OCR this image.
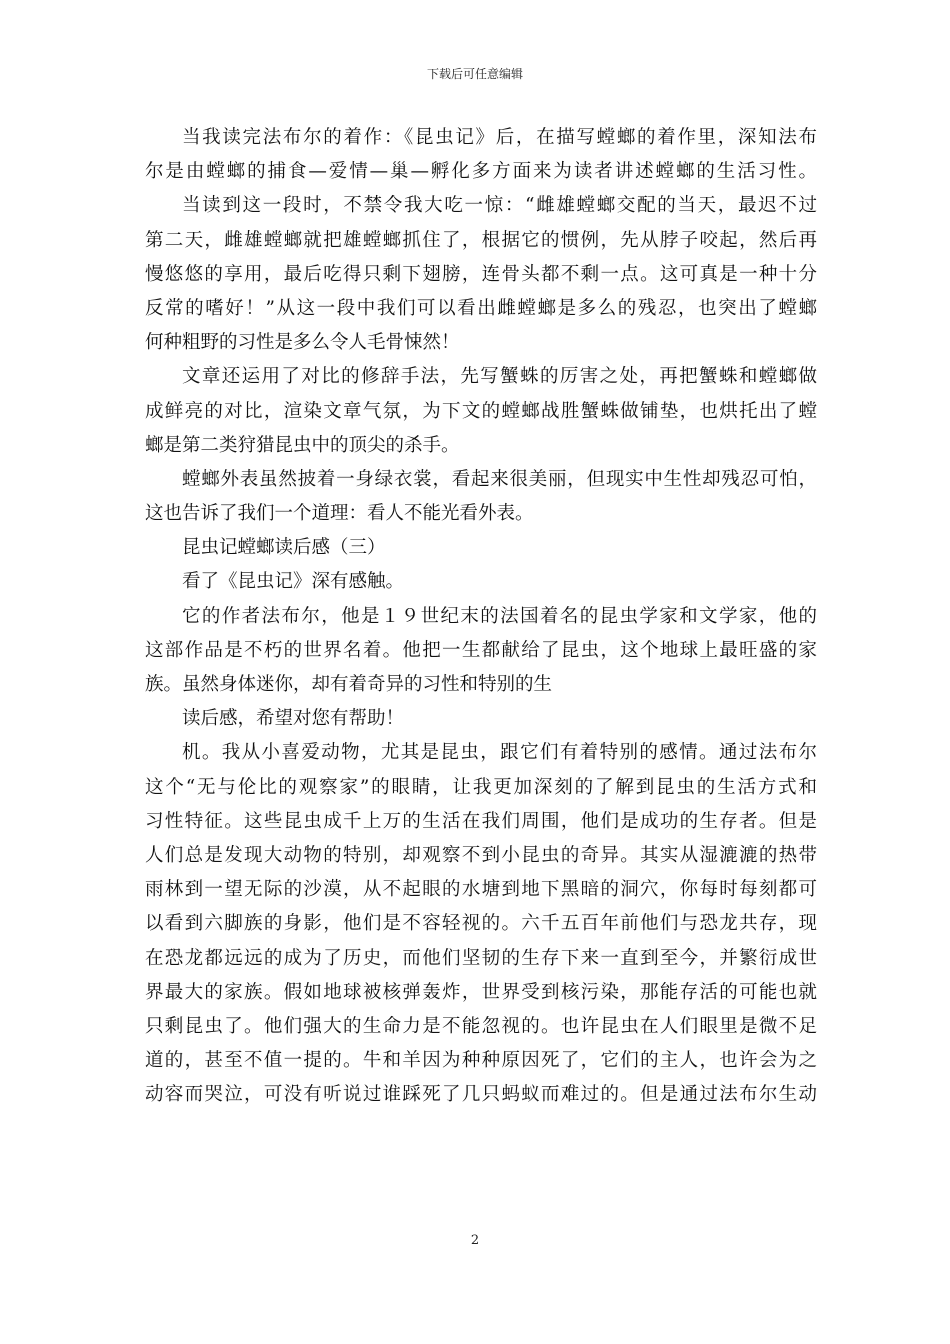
下载后可任意编辑
当我读完法布尔的着作：《昆虫记》后，在描写螳螂的着作里，深知法布
尔是由螳螂的捕食—爱情—巢—孵化多方面来为读者讲述螳螂的生活习性。
当读到这一段时，不禁令我大吃一惊：“雌雄螳螂交配的当天，最迟不过
第二天，雌雄螳螂就把雄螳螂抓住了，根据它的惯例，先从脖子咬起，然后再
慢悠悠的享用，最后吃得只剩下翅膀，连骨头都不剩一点。这可真是一种十分
反常的嗜好！”从这一段中我们可以看出雌螳螂是多么的残忍，也突出了螳螂
何种粗野的习性是多么令人毛骨悚然！
文章还运用了对比的修辞手法，先写蟹蛛的厉害之处，再把蟹蛛和螳螂做
成鲜亮的对比，渲染文章气氛，为下文的螳螂战胜蟹蛛做铺垫，也烘托出了螳
螂是第二类狩猎昆虫中的顶尖的杀手。
螳螂外表虽然披着一身绿衣裳，看起来很美丽，但现实中生性却残忍可怕，
这也告诉了我们一个道理：看人不能光看外表。
昆虫记螳螂读后感（三）
看了《昆虫记》深有感触。
它的作者法布尔，他是１９世纪末的法国着名的昆虫学家和文学家，他的
这部作品是不朽的世界名着。他把一生都献给了昆虫，这个地球上最旺盛的家
族。虽然身体迷你，却有着奇异的习性和特别的生
读后感，希望对您有帮助！
机。我从小喜爱动物，尤其是昆虫，跟它们有着特别的感情。通过法布尔
这个“无与伦比的观察家”的眼睛，让我更加深刻的了解到昆虫的生活方式和
习性特征。这些昆虫成千上万的生活在我们周围，他们是成功的生存者。但是
人们总是发现大动物的特别，却观察不到小昆虫的奇异。其实从湿漉漉的热带
雨林到一望无际的沙漠，从不起眼的水塘到地下黑暗的洞穴，你每时每刻都可
以看到六脚族的身影，他们是不容轻视的。六千五百年前他们与恐龙共存，现
在恐龙都远远的成为了历史，而他们坚韧的生存下来一直到至今，并繁衍成世
界最大的家族。假如地球被核弹轰炸，世界受到核污染，那能存活的可能也就
只剩昆虫了。他们强大的生命力是不能忽视的。也许昆虫在人们眼里是微不足
道的，甚至不值一提的。牛和羊因为种种原因死了，它们的主人，也许会为之
动容而哭泣，可没有听说过谁踩死了几只蚂蚁而难过的。但是通过法布尔生动
2
